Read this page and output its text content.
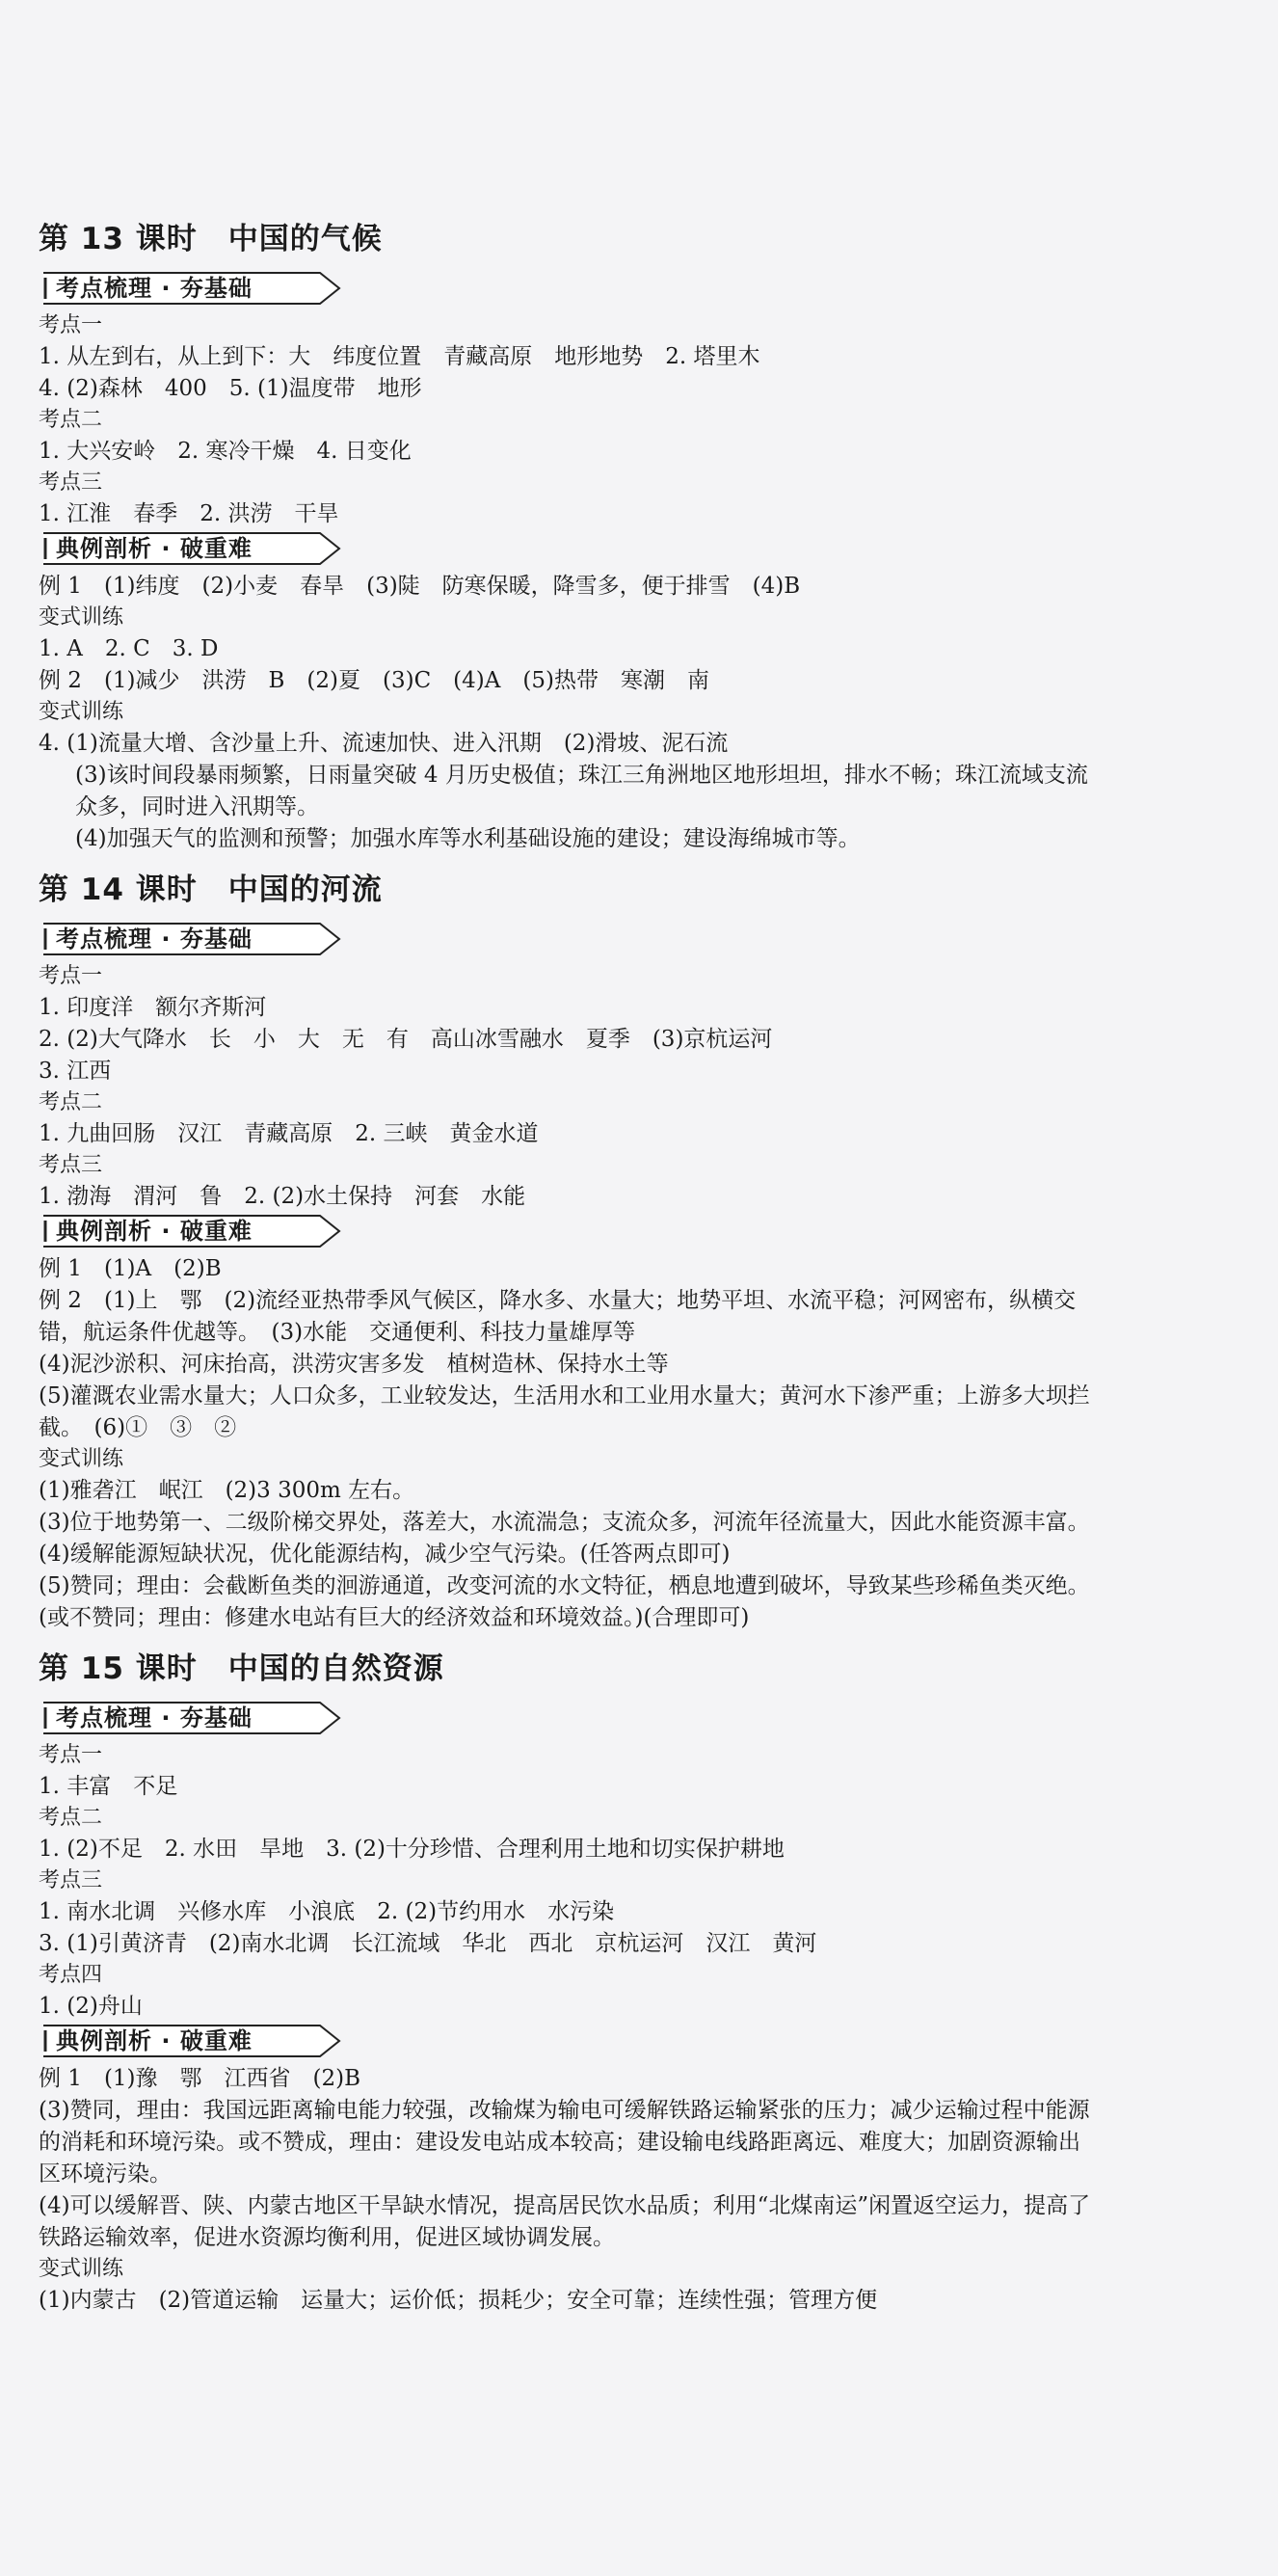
第 13 课时　中国的气候
考点梳理 · 夯基础

考点一
1. 从左到右，从上到下：大　纬度位置　青藏高原　地形地势　2. 塔里木
4. (2)森林　400　5. (1)温度带　地形
考点二
1. 大兴安岭　2. 寒冷干燥　4. 日变化
考点三
1. 江淮　春季　2. 洪涝　干旱
典例剖析 · 破重难

例 1　(1)纬度　(2)小麦　春旱　(3)陡　防寒保暖，降雪多，便于排雪　(4)B
变式训练
1. A　2. C　3. D
例 2　(1)减少　洪涝　B　(2)夏　(3)C　(4)A　(5)热带　寒潮　南
变式训练
4. (1)流量大增、含沙量上升、流速加快、进入汛期　(2)滑坡、泥石流
(3)该时间段暴雨频繁，日雨量突破 4 月历史极值；珠江三角洲地区地形坦坦，排水不畅；珠江流域支流众多，同时进入汛期等。
(4)加强天气的监测和预警；加强水库等水利基础设施的建设；建设海绵城市等。
第 14 课时　中国的河流
考点梳理 · 夯基础

考点一
1. 印度洋　额尔齐斯河
2. (2)大气降水　长　小　大　无　有　高山冰雪融水　夏季　(3)京杭运河
3. 江西
考点二
1. 九曲回肠　汉江　青藏高原　2. 三峡　黄金水道
考点三
1. 渤海　渭河　鲁　2. (2)水土保持　河套　水能
典例剖析 · 破重难

例 1　(1)A　(2)B
例 2　(1)上　鄂　(2)流经亚热带季风气候区，降水多、水量大；地势平坦、水流平稳；河网密布，纵横交错，航运条件优越等。　(3)水能　交通便利、科技力量雄厚等
(4)泥沙淤积、河床抬高，洪涝灾害多发　植树造林、保持水土等
(5)灌溉农业需水量大；人口众多，工业较发达，生活用水和工业用水量大；黄河水下渗严重；上游多大坝拦截。　(6)①　③　②
变式训练
(1)雅砻江　岷江　(2)3 300m 左右。
(3)位于地势第一、二级阶梯交界处，落差大，水流湍急；支流众多，河流年径流量大，因此水能资源丰富。
(4)缓解能源短缺状况，优化能源结构，减少空气污染。(任答两点即可)
(5)赞同；理由：会截断鱼类的洄游通道，改变河流的水文特征，栖息地遭到破坏，导致某些珍稀鱼类灭绝。
(或不赞同；理由：修建水电站有巨大的经济效益和环境效益。)(合理即可)
第 15 课时　中国的自然资源
考点梳理 · 夯基础

考点一
1. 丰富　不足
考点二
1. (2)不足　2. 水田　旱地　3. (2)十分珍惜、合理利用土地和切实保护耕地
考点三
1. 南水北调　兴修水库　小浪底　2. (2)节约用水　水污染
3. (1)引黄济青　(2)南水北调　长江流域　华北　西北　京杭运河　汉江　黄河
考点四
1. (2)舟山
典例剖析 · 破重难

例 1　(1)豫　鄂　江西省　(2)B
(3)赞同，理由：我国远距离输电能力较强，改输煤为输电可缓解铁路运输紧张的压力；减少运输过程中能源的消耗和环境污染。或不赞成，理由：建设发电站成本较高；建设输电线路距离远、难度大；加剧资源输出区环境污染。
(4)可以缓解晋、陕、内蒙古地区干旱缺水情况，提高居民饮水品质；利用“北煤南运”闲置返空运力，提高了铁路运输效率，促进水资源均衡利用，促进区域协调发展。
变式训练
(1)内蒙古　(2)管道运输　运量大；运价低；损耗少；安全可靠；连续性强；管理方便
